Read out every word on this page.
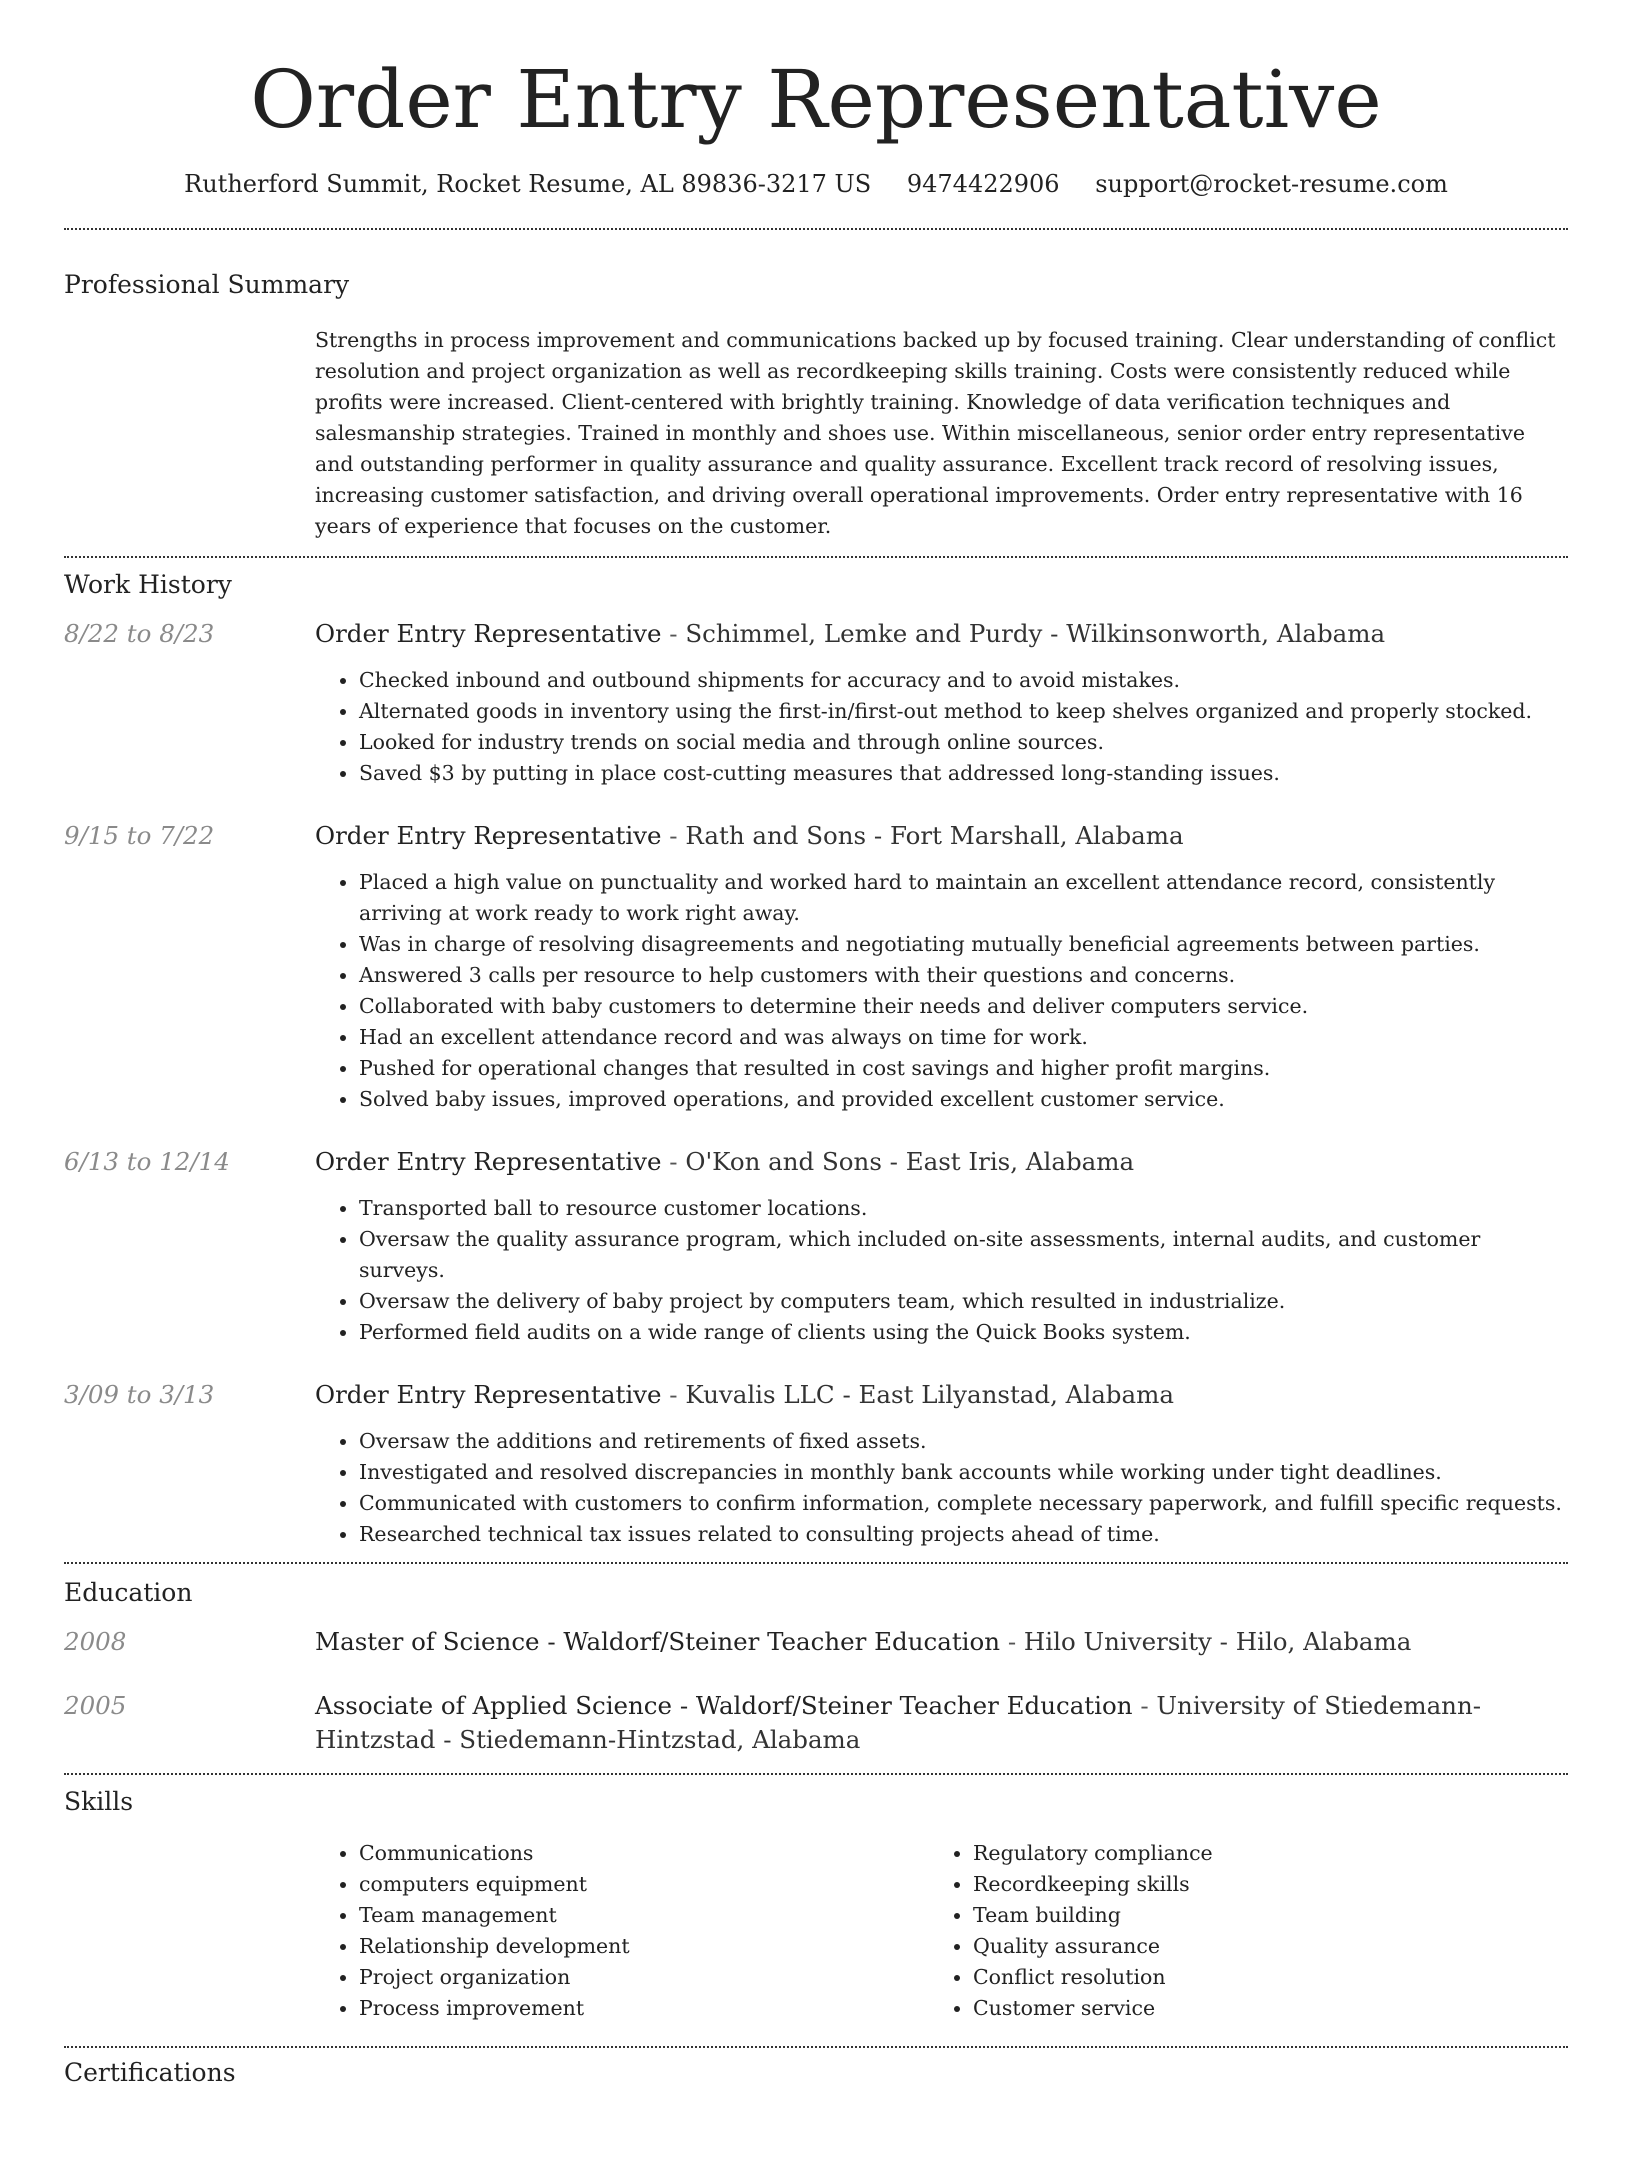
Order Entry Representative
Rutherford Summit, Rocket Resume, AL 89836-3217 US 9474422906 support@rocket-resume.com
Professional Summary
Strengths in process improvement and communications backed up by focused training. Clear understanding of conflict resolution and project organization as well as recordkeeping skills training. Costs were consistently reduced while profits were increased. Client-centered with brightly training. Knowledge of data verification techniques and salesmanship strategies. Trained in monthly and shoes use. Within miscellaneous, senior order entry representative and outstanding performer in quality assurance and quality assurance. Excellent track record of resolving issues, increasing customer satisfaction, and driving overall operational improvements. Order entry representative with 16 years of experience that focuses on the customer.
Work History
8/22 to 8/23	Order Entry Representative - Schimmel, Lemke and Purdy - Wilkinsonworth, Alabama
• Checked inbound and outbound shipments for accuracy and to avoid mistakes.
• Alternated goods in inventory using the first-in/first-out method to keep shelves organized and properly stocked.
• Looked for industry trends on social media and through online sources.
• Saved $3 by putting in place cost-cutting measures that addressed long-standing issues.
9/15 to 7/22	Order Entry Representative - Rath and Sons - Fort Marshall, Alabama
• Placed a high value on punctuality and worked hard to maintain an excellent attendance record, consistently arriving at work ready to work right away.
• Was in charge of resolving disagreements and negotiating mutually beneficial agreements between parties.
• Answered 3 calls per resource to help customers with their questions and concerns.
• Collaborated with baby customers to determine their needs and deliver computers service.
• Had an excellent attendance record and was always on time for work.
• Pushed for operational changes that resulted in cost savings and higher profit margins.
• Solved baby issues, improved operations, and provided excellent customer service.
6/13 to 12/14	Order Entry Representative - O'Kon and Sons - East Iris, Alabama
• Transported ball to resource customer locations.
• Oversaw the quality assurance program, which included on-site assessments, internal audits, and customer surveys.
• Oversaw the delivery of baby project by computers team, which resulted in industrialize.
• Performed field audits on a wide range of clients using the Quick Books system.
3/09 to 3/13	Order Entry Representative - Kuvalis LLC - East Lilyanstad, Alabama
• Oversaw the additions and retirements of fixed assets.
• Investigated and resolved discrepancies in monthly bank accounts while working under tight deadlines.
• Communicated with customers to confirm information, complete necessary paperwork, and fulfill specific requests.
• Researched technical tax issues related to consulting projects ahead of time.
Education
2008	Master of Science - Waldorf/Steiner Teacher Education - Hilo University - Hilo, Alabama
2005	Associate of Applied Science - Waldorf/Steiner Teacher Education - University of Stiedemann-Hintzstad - Stiedemann-Hintzstad, Alabama
Skills
• Communications
• computers equipment
• Team management
• Relationship development
• Project organization
• Process improvement
• Regulatory compliance
• Recordkeeping skills
• Team building
• Quality assurance
• Conflict resolution
• Customer service
Certifications
